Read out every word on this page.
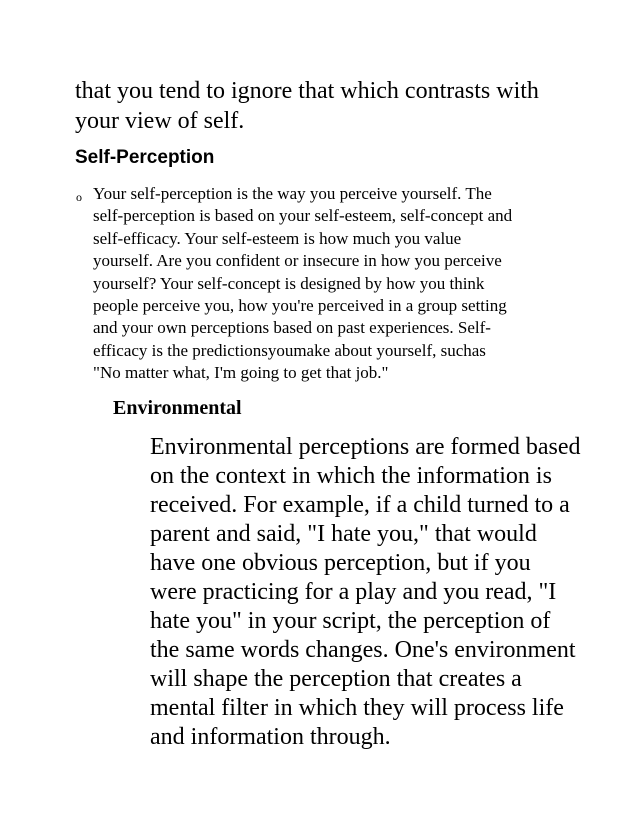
that you tend to ignore that which contrasts with
your view of self.

Self-Perception
o Your self-perception is the way you perceive yourself. The
self-perception is based on your self-esteem, self-concept and
self-efficacy. Your self-esteem is how much you value
yourself. Are you confident or insecure in how you perceive
yourself? Your self-concept is designed by how you think
people perceive you, how you're perceived in a group setting
and your own perceptions based on past experiences. Self-
efficacy is the predictionsyoumake about yourself, suchas
"No matter what, I'm going to get that job."

Environmental

Environmental perceptions are formed based
on the context in which the information is
received. For example, if a child turned to a
parent and said, "I hate you," that would
have one obvious perception, but if you
were practicing for a play and you read, "I
hate you" in your script, the perception of
the same words changes. One's environment
will shape the perception that creates a
mental filter in which they will process life
and information through.
